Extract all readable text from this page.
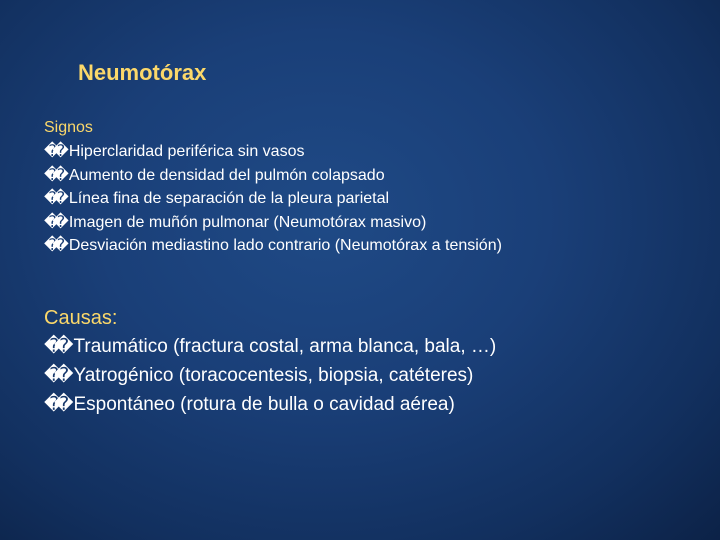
Neumotórax
Signos
�� Hiperclaridad periférica sin vasos
�� Aumento de densidad del pulmón colapsado
�� Línea fina de separación de la pleura parietal
�� Imagen de muñón pulmonar (Neumotórax masivo)
�� Desviación mediastino lado contrario (Neumotórax a tensión)
Causas:
�� Traumático (fractura costal, arma blanca, bala, …)
�� Yatrogénico (toracocentesis, biopsia, catéteres)
�� Espontáneo (rotura de bulla o cavidad aérea)
